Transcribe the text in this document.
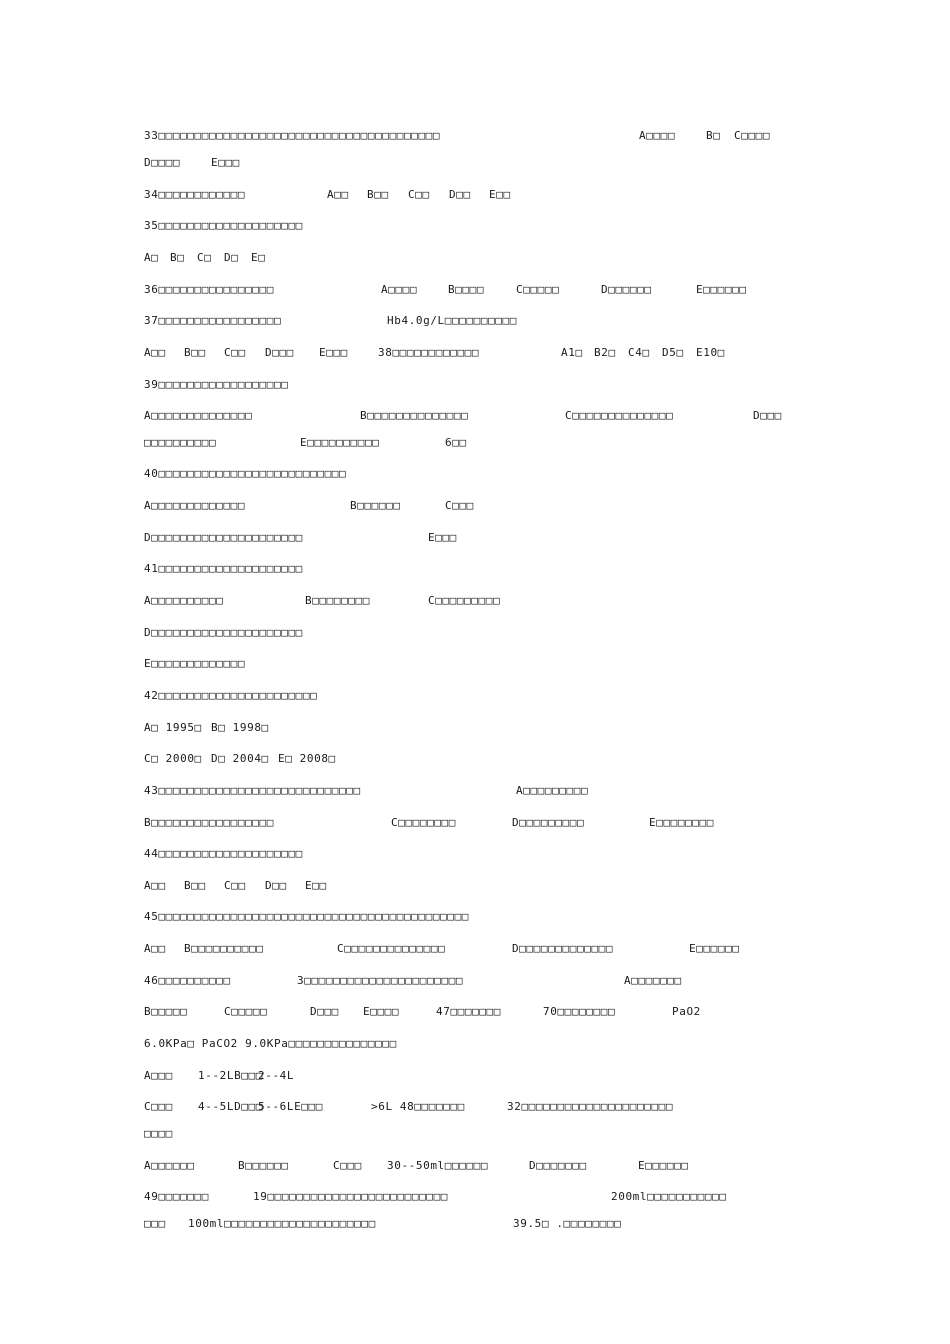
33□□□□□□□□□□□□□□□□□□□□□□□□□□□□□□□□□□□□□□□	A□□□□	B□ C□□□□
D□□□□	E□□□
34□□□□□□□□□□□□	A□□ B□□ C□□ D□□ E□□
35□□□□□□□□□□□□□□□□□□□□
A□ B□ C□ D□ E□
36□□□□□□□□□□□□□□□□	A□□□□	B□□□□	C□□□□□	D□□□□□□	E□□□□□□
37□□□□□□□□□□□□□□□□□	Hb4.0g/L□□□□□□□□□□
A□□ B□□ C□□ D□□□ E□□□	38□□□□□□□□□□□□	A1□ B2□ C4□ D5□ E10□
39□□□□□□□□□□□□□□□□□□
A□□□□□□□□□□□□□□	B□□□□□□□□□□□□□□	C□□□□□□□□□□□□□□	D□□□
□□□□□□□□□□	E□□□□□□□□□□	6□□
40□□□□□□□□□□□□□□□□□□□□□□□□□□
A□□□□□□□□□□□□□	B□□□□□□	C□□□
D□□□□□□□□□□□□□□□□□□□□□	E□□□
41□□□□□□□□□□□□□□□□□□□□
A□□□□□□□□□□	B□□□□□□□□	C□□□□□□□□□
D□□□□□□□□□□□□□□□□□□□□□
E□□□□□□□□□□□□□
42□□□□□□□□□□□□□□□□□□□□□□
A□ 1995□ B□ 1998□
C□ 2000□ D□ 2004□ E□ 2008□
43□□□□□□□□□□□□□□□□□□□□□□□□□□□□	A□□□□□□□□□
B□□□□□□□□□□□□□□□□□	C□□□□□□□□	D□□□□□□□□□	E□□□□□□□□
44□□□□□□□□□□□□□□□□□□□□
A□□ B□□ C□□ D□□ E□□
45□□□□□□□□□□□□□□□□□□□□□□□□□□□□□□□□□□□□□□□□□□□
A□□ B□□□□□□□□□□	C□□□□□□□□□□□□□□	D□□□□□□□□□□□□□	E□□□□□□
46□□□□□□□□□□	3□□□□□□□□□□□□□□□□□□□□□□	A□□□□□□□
B□□□□□	C□□□□□	D□□□ E□□□□	47□□□□□□□	70□□□□□□□□	PaO2
6.0KPa□ PaCO2 9.0KPa□□□□□□□□□□□□□□□
A□□□ 1--2LB□□□
2--4L
C□□□ 4--5LD□□□
5--6LE□□□	>6L 48□□□□□□□	32□□□□□□□□□□□□□□□□□□□□□
□□□□
A□□□□□□	B□□□□□□	C□□□ 30--50ml□□□□□□	D□□□□□□□	E□□□□□□
49□□□□□□□	19□□□□□□□□□□□□□□□□□□□□□□□□□	200ml□□□□□□□□□□□
□□□ 100ml□□□□□□□□□□□□□□□□□□□□□	39.5□ .□□□□□□□□
